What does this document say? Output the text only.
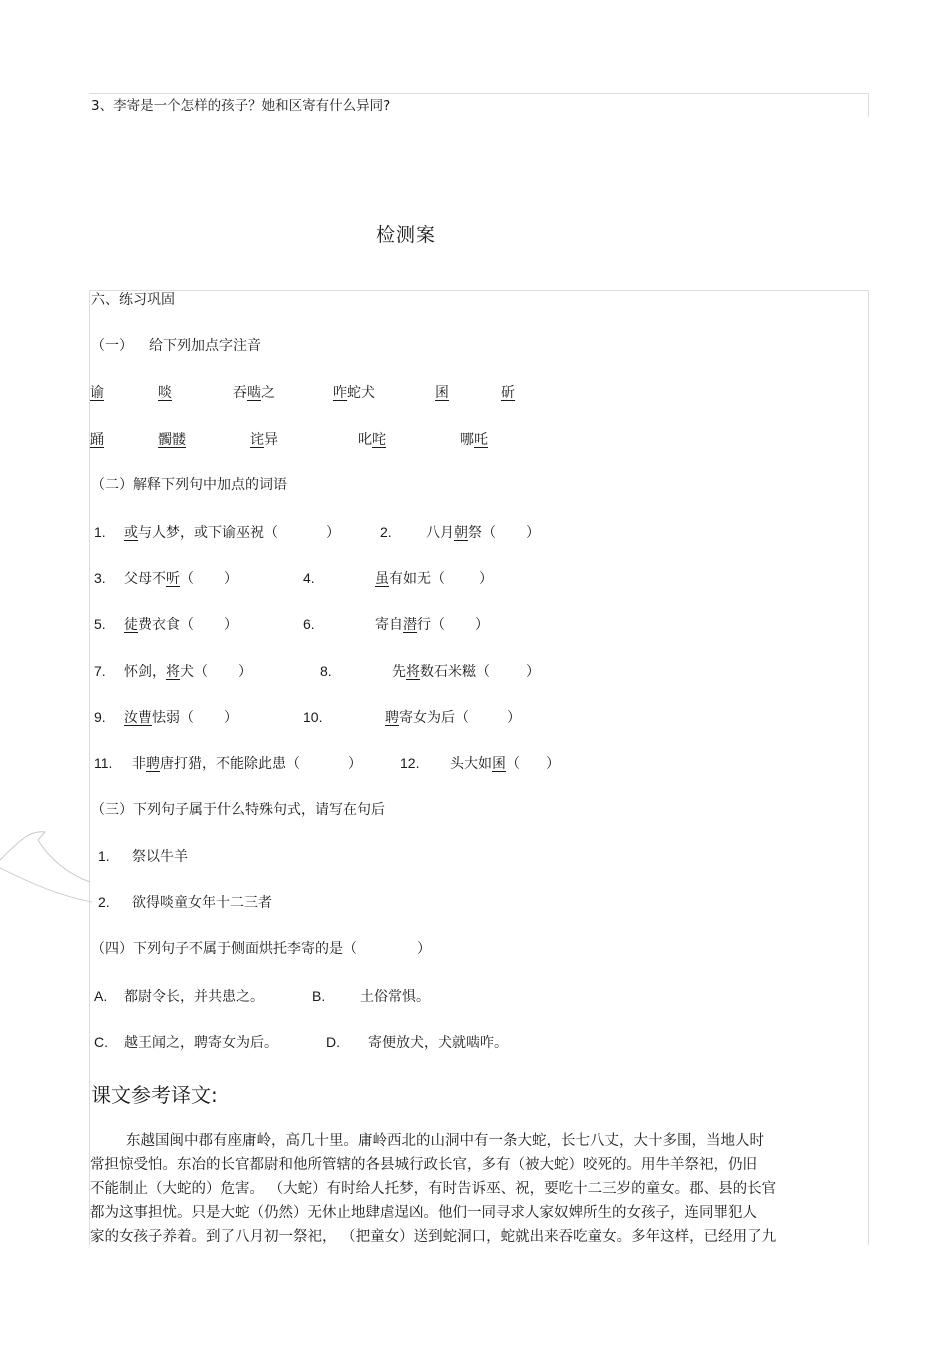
3、李寄是一个怎样的孩子？她和区寄有什么异同?
检测案
六、练习巩固
（一） 给下列加点字注音
谕	啖	吞啮之	咋蛇犬	囷	斫
踊	髑髅	诧异	叱咤	哪吒
（二）解释下列句中加点的词语
1. 或与人梦，或下谕巫祝（	）	2. 八月朝祭（ ）
3. 父母不听（ ）	4.	虽有如无（ ）
5. 徒费衣食（ ）	6.	寄自潜行（ ）
7. 怀剑，将犬（ ）	8.	先将数石米糍（	）
9. 汝曹怯弱（ ）	10.	聘寄女为后（	）
11. 非聘唐打猎，不能除此患（	）	12. 头大如囷（ ）
（三）下列句子属于什么特殊句式，请写在句后
1. 祭以牛羊
2. 欲得啖童女年十二三者
（四）下列句子不属于侧面烘托李寄的是（	）
A. 都尉令长，并共患之。	B. 土俗常惧。
C. 越王闻之，聘寄女为后。	D. 寄便放犬，犬就啮咋。
课文参考译文:
东越国闽中郡有座庸岭，高几十里。庸岭西北的山洞中有一条大蛇，长七八丈，大十多围，当地人时
常担惊受怕。东冶的长官都尉和他所管辖的各县城行政长官，多有（被大蛇）咬死的。用牛羊祭祀，仍旧
不能制止（大蛇的）危害。 （大蛇）有时给人托梦，有时告诉巫、祝，要吃十二三岁的童女。郡、县的长官
都为这事担忧。只是大蛇（仍然）无休止地肆虐逞凶。他们一同寻求人家奴婢所生的女孩子，连同罪犯人
家的女孩子养着。到了八月初一祭祀， （把童女）送到蛇洞口，蛇就出来吞吃童女。多年这样，已经用了九
